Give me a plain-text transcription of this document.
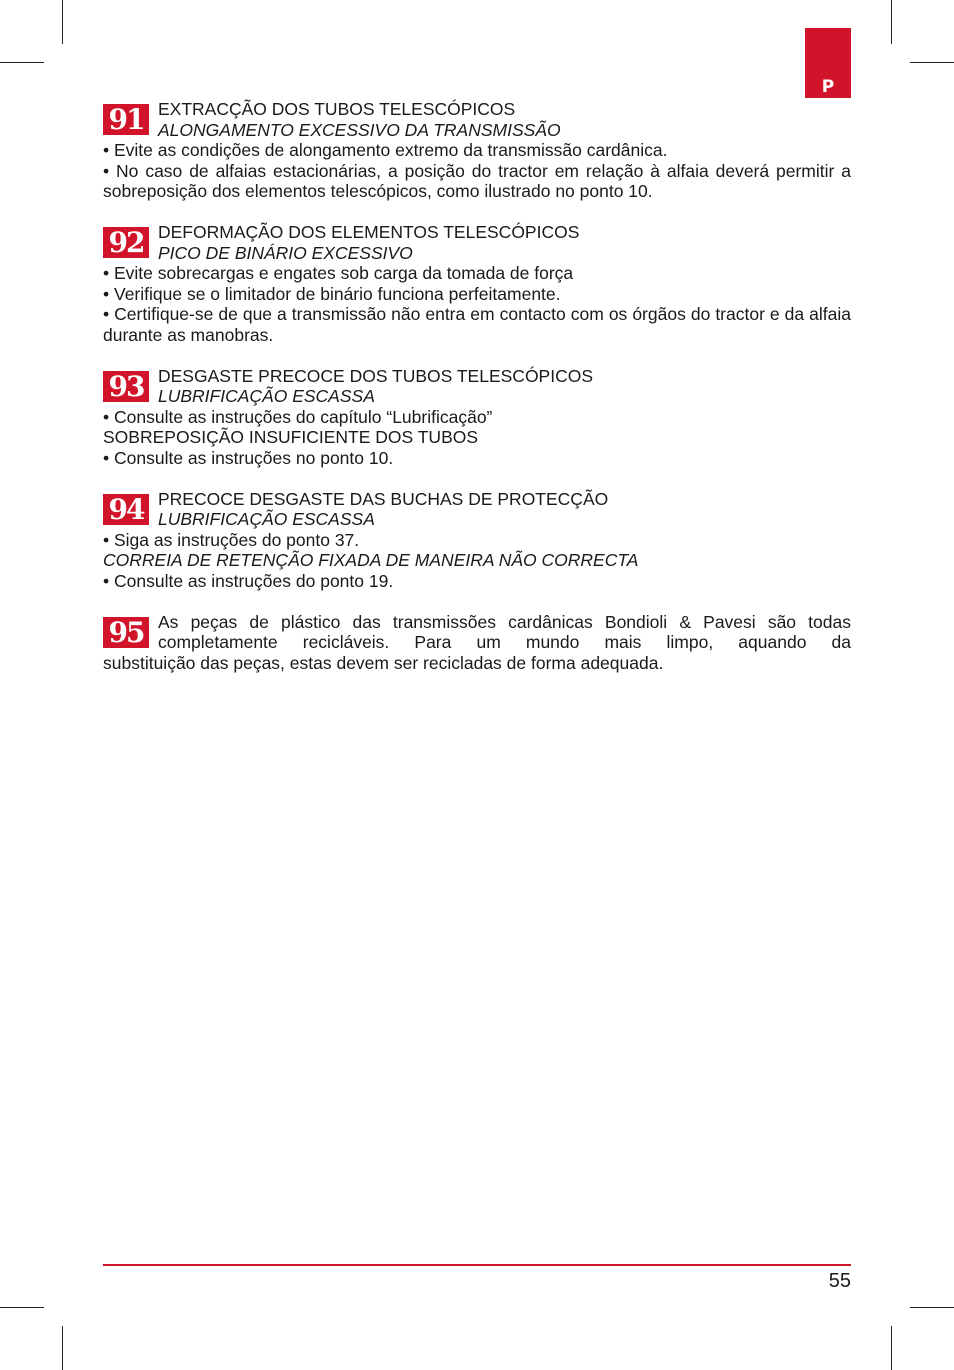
P
91 EXTRACÇÃO DOS TUBOS TELESCÓPICOS
ALONGAMENTO EXCESSIVO DA TRANSMISSÃO
• Evite as condições de alongamento extremo da transmissão cardânica.
• No caso de alfaias estacionárias, a posição do tractor em relação à alfaia deverá permitir a sobreposição dos elementos telescópicos, como ilustrado no ponto 10.
92 DEFORMAÇÃO DOS ELEMENTOS TELESCÓPICOS
PICO DE BINÁRIO EXCESSIVO
• Evite sobrecargas e engates sob carga da tomada de força
• Verifique se o limitador de binário funciona perfeitamente.
• Certifique-se de que a transmissão não entra em contacto com os órgãos do tractor e da alfaia durante as manobras.
93 DESGASTE PRECOCE DOS TUBOS TELESCÓPICOS
LUBRIFICAÇÃO ESCASSA
• Consulte as instruções do capítulo “Lubrificação”
SOBREPOSIÇÃO INSUFICIENTE DOS TUBOS
• Consulte as instruções no ponto 10.
94 PRECOCE DESGASTE DAS BUCHAS DE PROTECÇÃO
LUBRIFICAÇÃO ESCASSA
• Siga as instruções do ponto 37.
CORREIA DE RETENÇÃO FIXADA DE MANEIRA NÃO CORRECTA
• Consulte as instruções do ponto 19.
95 As peças de plástico das transmissões cardânicas Bondioli & Pavesi são todas completamente recicláveis. Para um mundo mais limpo, aquando da
substituição das peças, estas devem ser recicladas de forma adequada.
55
